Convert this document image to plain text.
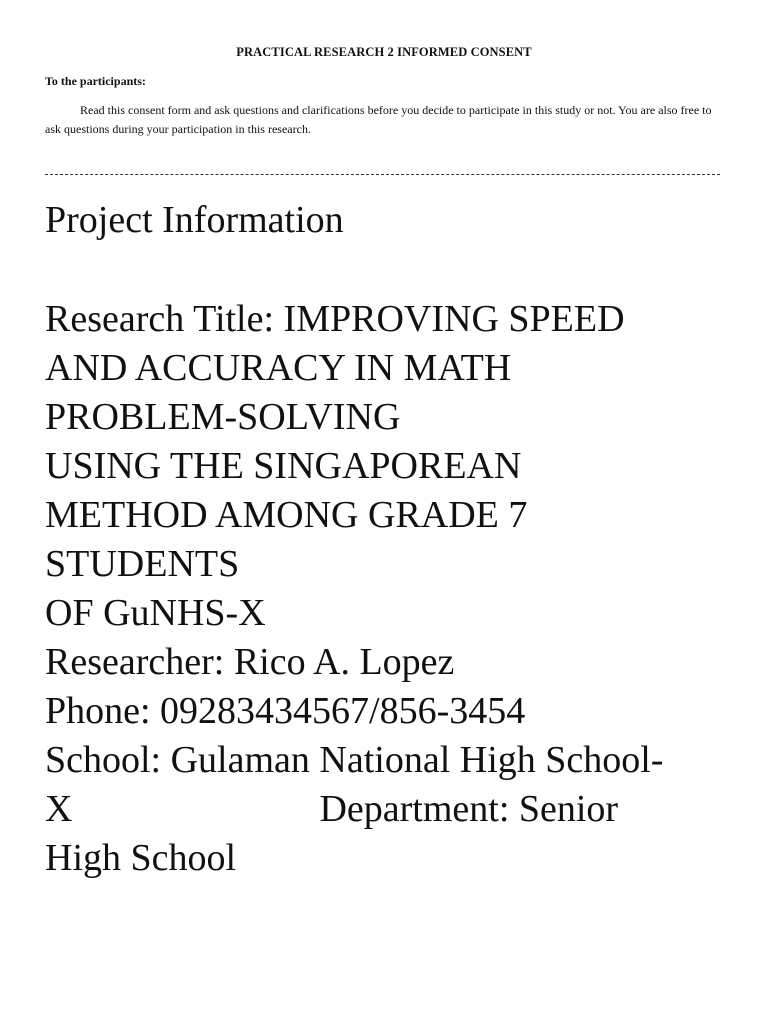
PRACTICAL RESEARCH 2 INFORMED CONSENT
To the participants:

Read this consent form and ask questions and clarifications before you decide to participate in this study or not. You are also free to ask questions during your participation in this research.

Project Information
Research Title: IMPROVING SPEED
AND ACCURACY IN MATH
PROBLEM-SOLVING
USING THE SINGAPOREAN
METHOD AMONG GRADE 7
STUDENTS
OF GuNHS-X
Researcher: Rico A. Lopez
Phone: 09283434567/856-3454
School: Gulaman National High School-
X	Department: Senior
High School
